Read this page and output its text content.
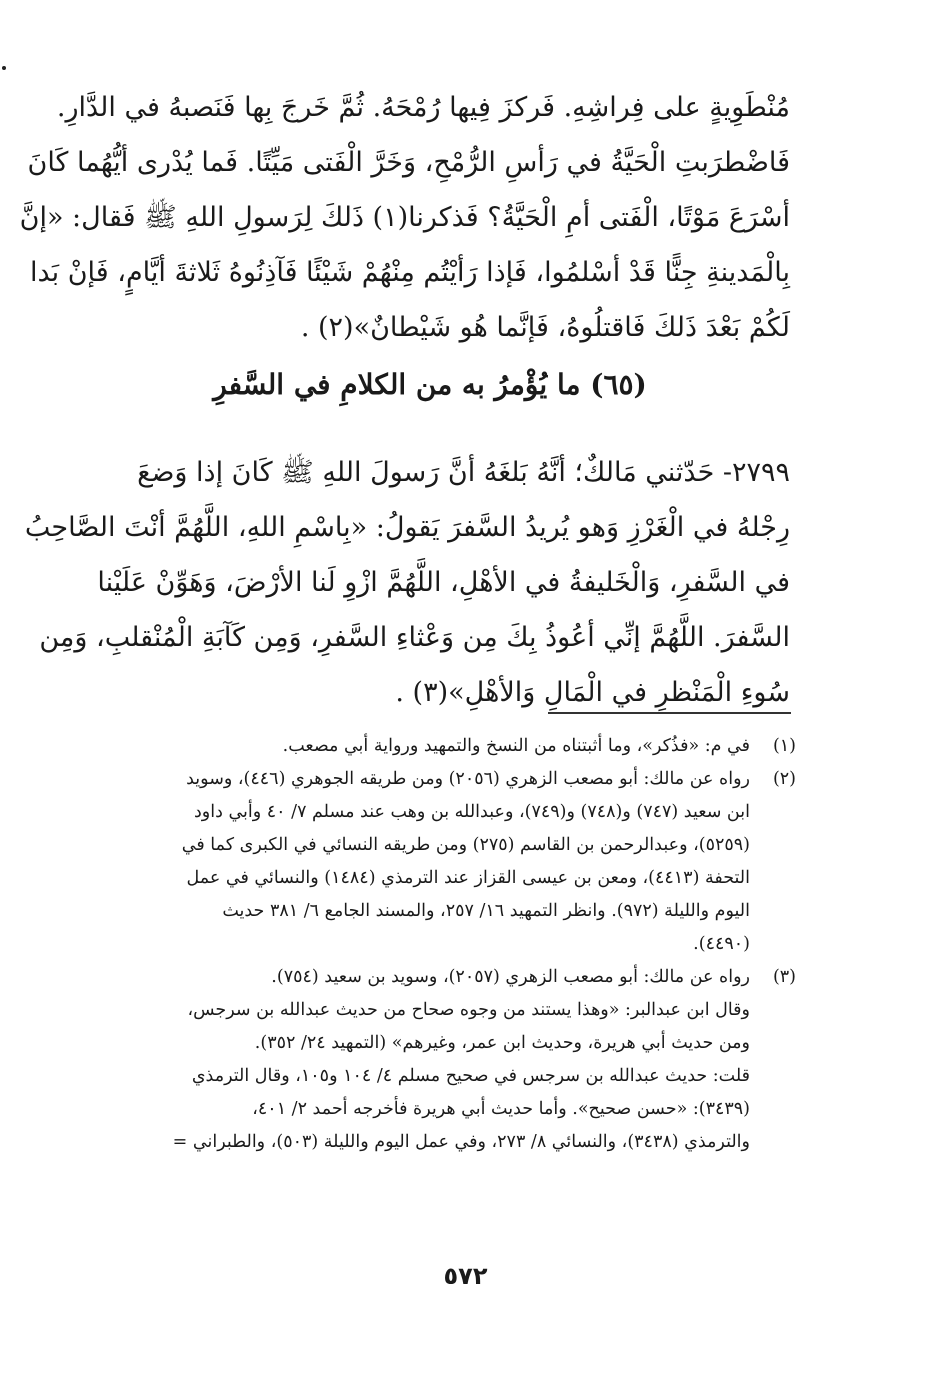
مُنْطَوِيةٍ على فِراشِهِ. فَركزَ فِيها رُمْحَهُ. ثُمَّ خَرجَ بِها فَنَصبهُ في الدَّارِ.
فَاضْطرَبتِ الْحَيَّةُ في رَأسِ الرُّمْحِ، وَخَرَّ الْفَتى مَيِّتًا. فَما يُدْرى أيُّهُما كَانَ
أسْرَعَ مَوْتًا، الْفَتى أمِ الْحَيَّةُ؟ فَذكرنا(١) ذَلكَ لِرَسولِ اللهِ ﷺ فَقال: «إنَّ
بِالْمَدينةِ جِنًّا قَدْ أسْلمُوا، فَإذا رَأيْتُم مِنْهُمْ شَيْئًا فَآذِنُوهُ ثَلاثةَ أيَّامٍ، فَإنْ بَدا
لَكُمْ بَعْدَ ذَلكَ فَاقتلُوهُ، فَإنَّما هُو شَيْطانٌ»(٢) .
(٦٥) ما يُؤْمرُ به من الكلامِ في السَّفرِ
٢٧٩٩- حَدّثني مَالكٌ؛ أنَّهُ بَلغَهُ أنَّ رَسولَ اللهِ ﷺ كَانَ إذا وَضعَ
رِجْلهُ في الْغَرْزِ وَهو يُريدُ السَّفرَ يَقولُ: «بِاسْمِ اللهِ، اللَّهُمَّ أنْتَ الصَّاحِبُ
في السَّفرِ، وَالْخَليفةُ في الأهْلِ، اللَّهُمَّ ازْوِ لَنا الأرْضَ، وَهَوِّنْ عَلَيْنا
السَّفرَ. اللَّهُمَّ إنِّي أعُوذُ بِكَ مِن وَعْثاءِ السَّفرِ، وَمِن كَآبَةِ الْمُنْقلبِ، وَمِن
سُوءِ الْمَنْظرِ في الْمَالِ وَالأهْلِ»(٣) .
(١)
في م: «فذُكر»، وما أثبتناه من النسخ والتمهيد ورواية أبي مصعب.
(٢)
رواه عن مالك: أبو مصعب الزهري (٢٠٥٦) ومن طريقه الجوهري (٤٤٦)، وسويد
ابن سعيد (٧٤٧) و(٧٤٨) و(٧٤٩)، وعبدالله بن وهب عند مسلم ٧/ ٤٠ وأبي داود
(٥٢٥٩)، وعبدالرحمن بن القاسم (٢٧٥) ومن طريقه النسائي في الكبرى كما في
التحفة (٤٤١٣)، ومعن بن عيسى القزاز عند الترمذي (١٤٨٤) والنسائي في عمل
اليوم والليلة (٩٧٢). وانظر التمهيد ١٦/ ٢٥٧، والمسند الجامع ٦/ ٣٨١ حديث
(٤٤٩٠).
(٣)
رواه عن مالك: أبو مصعب الزهري (٢٠٥٧)، وسويد بن سعيد (٧٥٤).
وقال ابن عبدالبر: «وهذا يستند من وجوه صحاح من حديث عبدالله بن سرجس،
ومن حديث أبي هريرة، وحديث ابن عمر، وغيرهم» (التمهيد ٢٤/ ٣٥٢).
قلت: حديث عبدالله بن سرجس في صحيح مسلم ٤/ ١٠٤ و١٠٥، وقال الترمذي
(٣٤٣٩): «حسن صحيح». وأما حديث أبي هريرة فأخرجه أحمد ٢/ ٤٠١،
والترمذي (٣٤٣٨)، والنسائي ٨/ ٢٧٣، وفي عمل اليوم والليلة (٥٠٣)، والطبراني =
٥٧٢
